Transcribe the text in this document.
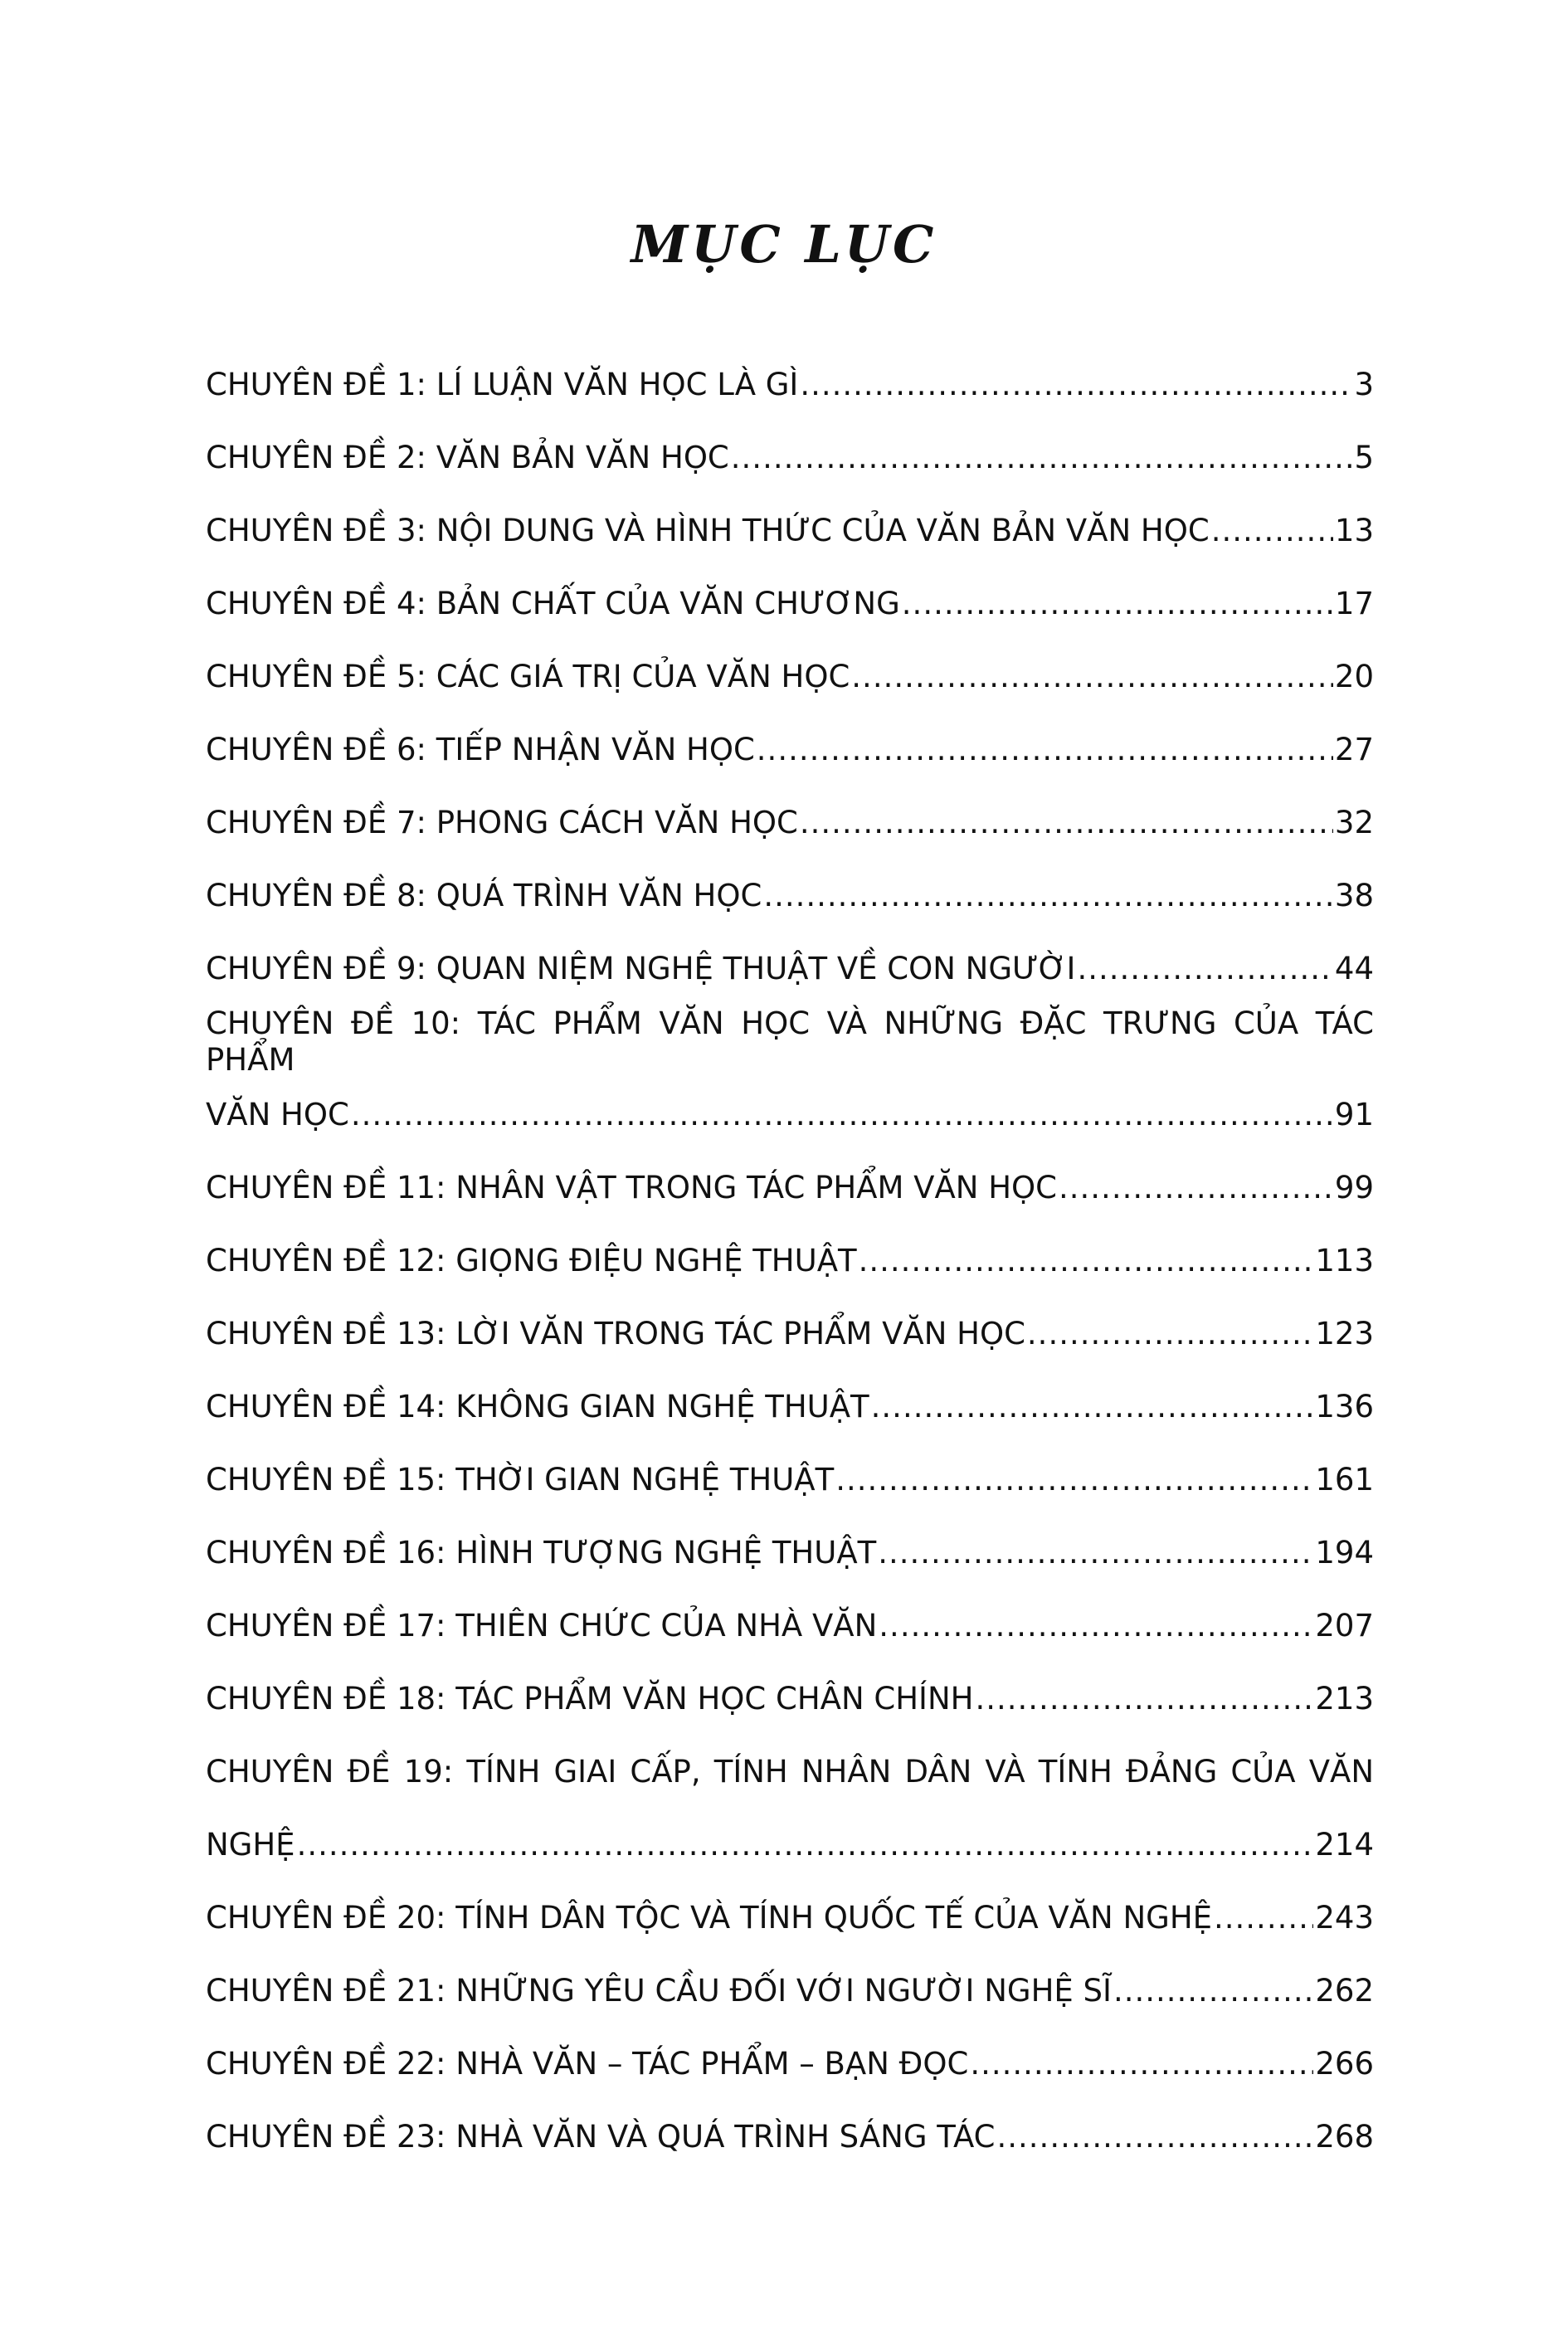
MỤC LỤC
CHUYÊN ĐỀ 1: LÍ LUẬN VĂN HỌC LÀ GÌ .....	3
CHUYÊN ĐỀ 2: VĂN BẢN VĂN HỌC .....	5
CHUYÊN ĐỀ 3: NỘI DUNG VÀ HÌNH THỨC CỦA VĂN BẢN VĂN HỌC .....	13
CHUYÊN ĐỀ 4: BẢN CHẤT CỦA VĂN CHƯƠNG .....	17
CHUYÊN ĐỀ 5: CÁC GIÁ TRỊ CỦA VĂN HỌC .....	20
CHUYÊN ĐỀ 6: TIẾP NHẬN VĂN HỌC .....	27
CHUYÊN ĐỀ 7: PHONG CÁCH VĂN HỌC .....	32
CHUYÊN ĐỀ 8: QUÁ TRÌNH VĂN HỌC .....	38
CHUYÊN ĐỀ 9: QUAN NIỆM NGHỆ THUẬT VỀ CON NGƯỜI .....	44
CHUYÊN ĐỀ 10: TÁC PHẨM VĂN HỌC VÀ NHỮNG ĐẶC TRƯNG CỦA TÁC PHẨM
VĂN HỌC .....	91
CHUYÊN ĐỀ 11: NHÂN VẬT TRONG TÁC PHẨM VĂN HỌC .....	99
CHUYÊN ĐỀ 12: GIỌNG ĐIỆU NGHỆ THUẬT .....	113
CHUYÊN ĐỀ 13: LỜI VĂN TRONG TÁC PHẨM VĂN HỌC .....	123
CHUYÊN ĐỀ 14: KHÔNG GIAN NGHỆ THUẬT .....	136
CHUYÊN ĐỀ 15: THỜI GIAN NGHỆ THUẬT .....	161
CHUYÊN ĐỀ 16: HÌNH TƯỢNG NGHỆ THUẬT .....	194
CHUYÊN ĐỀ 17: THIÊN CHỨC CỦA NHÀ VĂN .....	207
CHUYÊN ĐỀ 18: TÁC PHẨM VĂN HỌC CHÂN CHÍNH .....	213
CHUYÊN ĐỀ 19: TÍNH GIAI CẤP, TÍNH NHÂN DÂN VÀ TÍNH ĐẢNG CỦA VĂN
NGHỆ .....	214
CHUYÊN ĐỀ 20: TÍNH DÂN TỘC VÀ TÍNH QUỐC TẾ CỦA VĂN NGHỆ .....	243
CHUYÊN ĐỀ 21: NHỮNG YÊU CẦU ĐỐI VỚI NGƯỜI NGHỆ SĨ .....	262
CHUYÊN ĐỀ 22: NHÀ VĂN – TÁC PHẨM – BẠN ĐỌC .....	266
CHUYÊN ĐỀ 23: NHÀ VĂN VÀ QUÁ TRÌNH SÁNG TÁC .....	268
